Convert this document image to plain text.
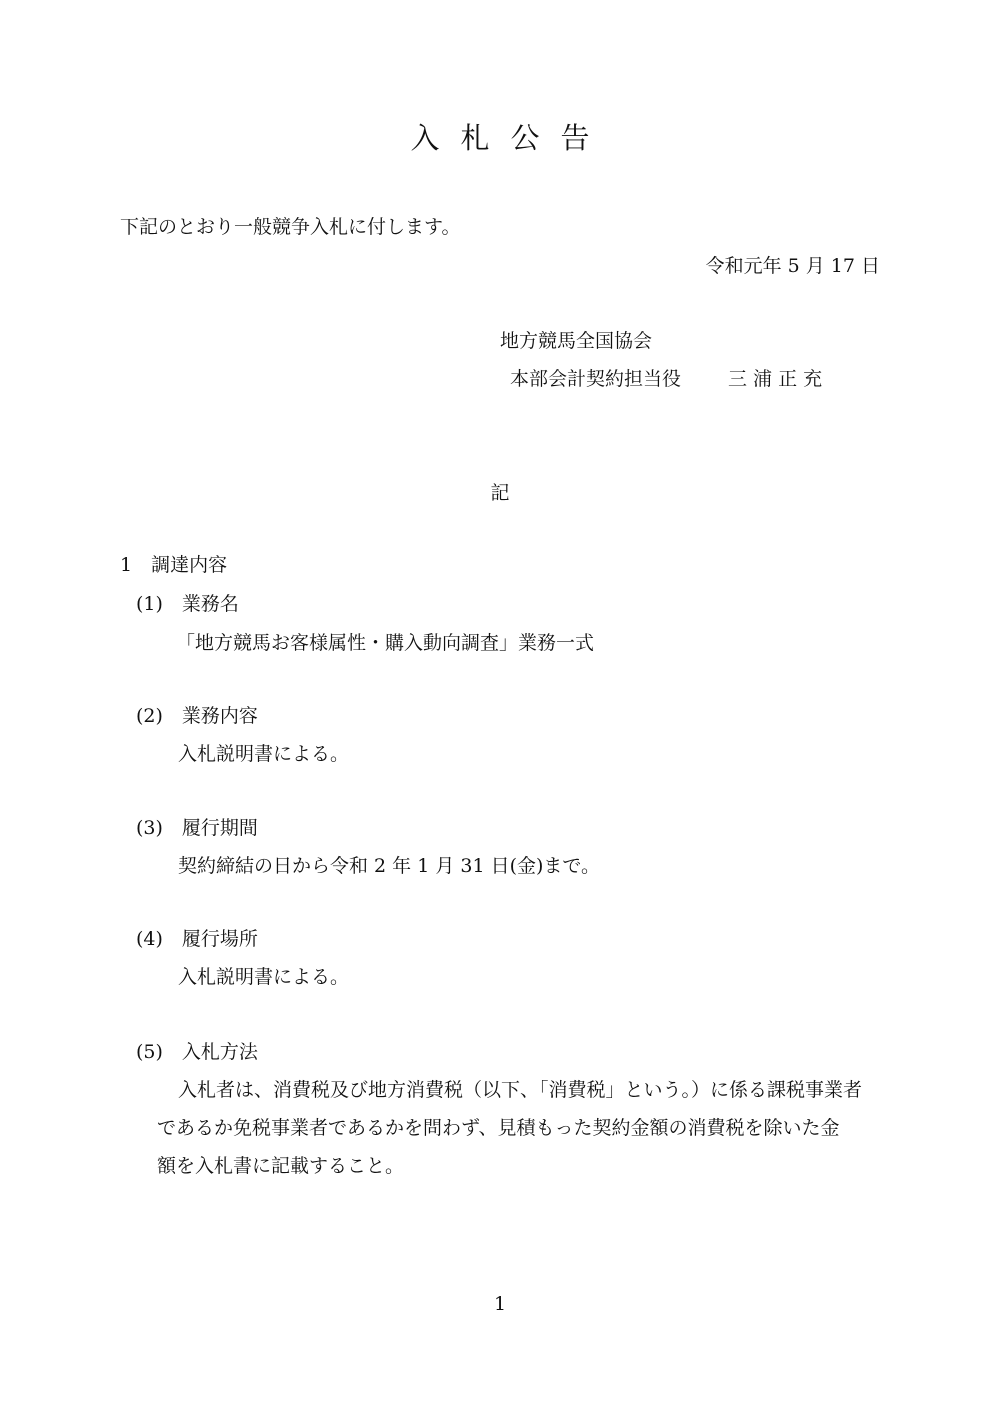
入札公告

下記のとおり一般競争入札に付します。

令和元年 5 月 17 日

地方競馬全国協会

本部会計契約担当役 三 浦 正 充

記

1　調達内容

(1)　業務名

「地方競馬お客様属性・購入動向調査」業務一式

(2)　業務内容

入札説明書による。

(3)　履行期間

契約締結の日から令和 2 年 1 月 31 日(金)まで。

(4)　履行場所

入札説明書による。

(5)　入札方法

入札者は、消費税及び地方消費税（以下、「消費税」という。）に係る課税事業者

であるか免税事業者であるかを問わず、見積もった契約金額の消費税を除いた金

額を入札書に記載すること。

1
